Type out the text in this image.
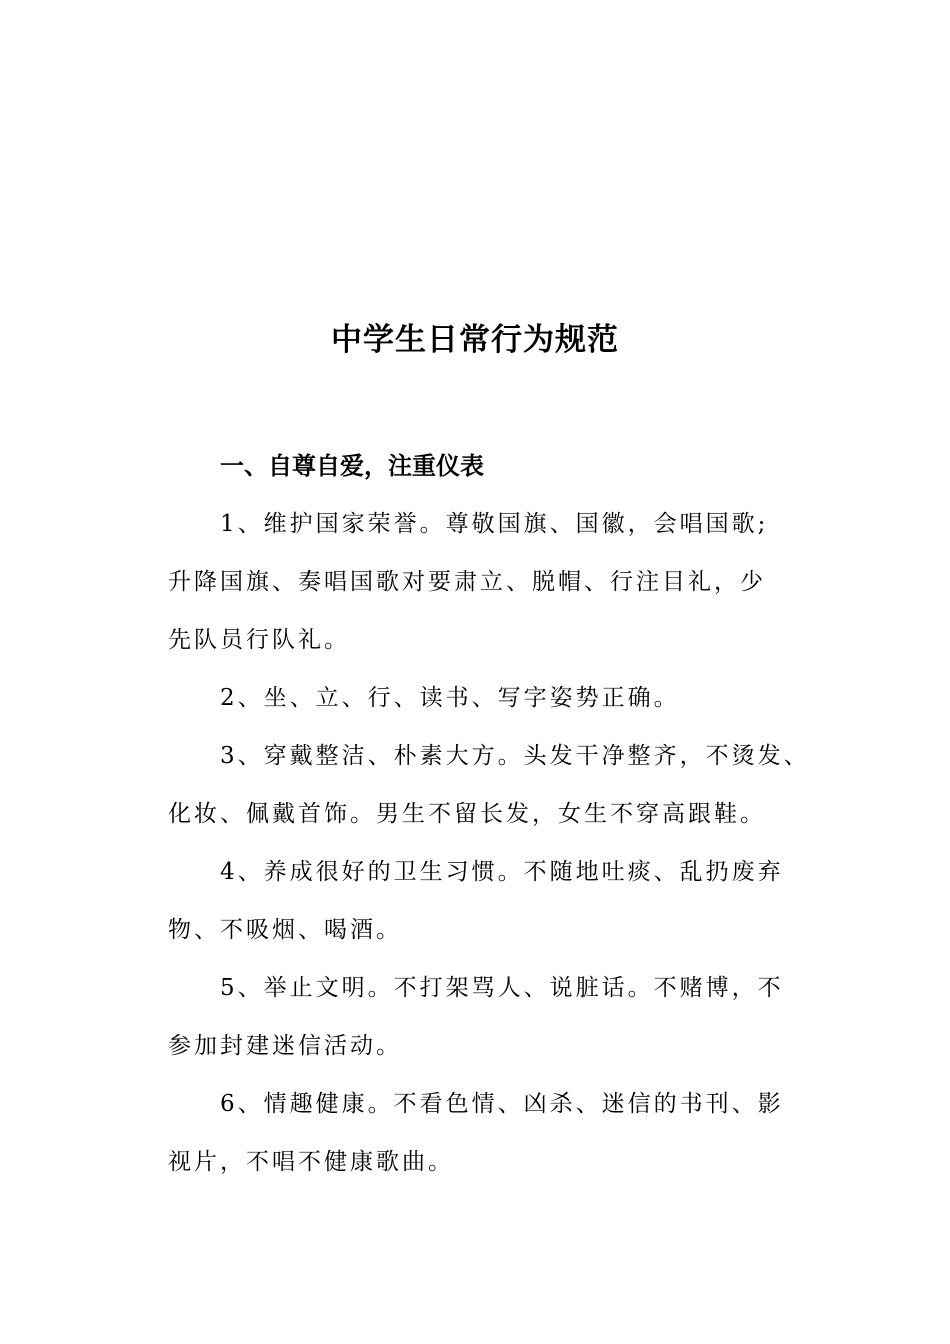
中学生日常行为规范
一、自尊自爱，注重仪表
1、维护国家荣誉。尊敬国旗、国徽，会唱国歌;
升降国旗、奏唱国歌对要肃立、脱帽、行注目礼，少
先队员行队礼。
2、坐、立、行、读书、写字姿势正确。
3、穿戴整洁、朴素大方。头发干净整齐，不烫发、
化妆、佩戴首饰。男生不留长发，女生不穿高跟鞋。
4、养成很好的卫生习惯。不随地吐痰、乱扔废弃
物、不吸烟、喝酒。
5、举止文明。不打架骂人、说脏话。不赌博，不
参加封建迷信活动。
6、情趣健康。不看色情、凶杀、迷信的书刊、影
视片，不唱不健康歌曲。
